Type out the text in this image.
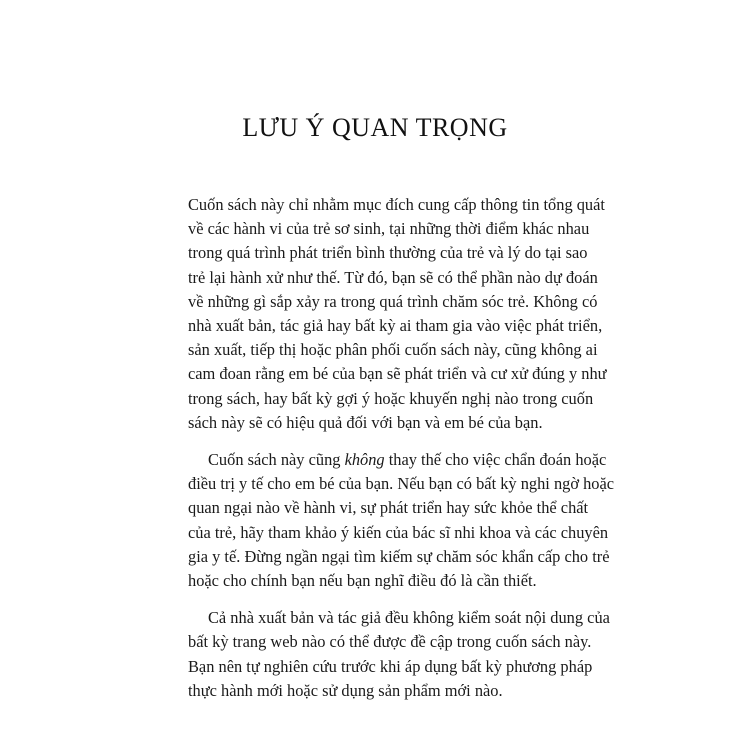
LƯU Ý QUAN TRỌNG
Cuốn sách này chỉ nhằm mục đích cung cấp thông tin tổng quát
về các hành vi của trẻ sơ sinh, tại những thời điểm khác nhau
trong quá trình phát triển bình thường của trẻ và lý do tại sao
trẻ lại hành xử như thế. Từ đó, bạn sẽ có thể phần nào dự đoán
về những gì sắp xảy ra trong quá trình chăm sóc trẻ. Không có
nhà xuất bản, tác giả hay bất kỳ ai tham gia vào việc phát triển,
sản xuất, tiếp thị hoặc phân phối cuốn sách này, cũng không ai
cam đoan rằng em bé của bạn sẽ phát triển và cư xử đúng y như
trong sách, hay bất kỳ gợi ý hoặc khuyến nghị nào trong cuốn
sách này sẽ có hiệu quả đối với bạn và em bé của bạn.
Cuốn sách này cũng không thay thế cho việc chẩn đoán hoặc
điều trị y tế cho em bé của bạn. Nếu bạn có bất kỳ nghi ngờ hoặc
quan ngại nào về hành vi, sự phát triển hay sức khỏe thể chất
của trẻ, hãy tham khảo ý kiến của bác sĩ nhi khoa và các chuyên
gia y tế. Đừng ngần ngại tìm kiếm sự chăm sóc khẩn cấp cho trẻ
hoặc cho chính bạn nếu bạn nghĩ điều đó là cần thiết.
Cả nhà xuất bản và tác giả đều không kiểm soát nội dung của
bất kỳ trang web nào có thể được đề cập trong cuốn sách này.
Bạn nên tự nghiên cứu trước khi áp dụng bất kỳ phương pháp
thực hành mới hoặc sử dụng sản phẩm mới nào.
